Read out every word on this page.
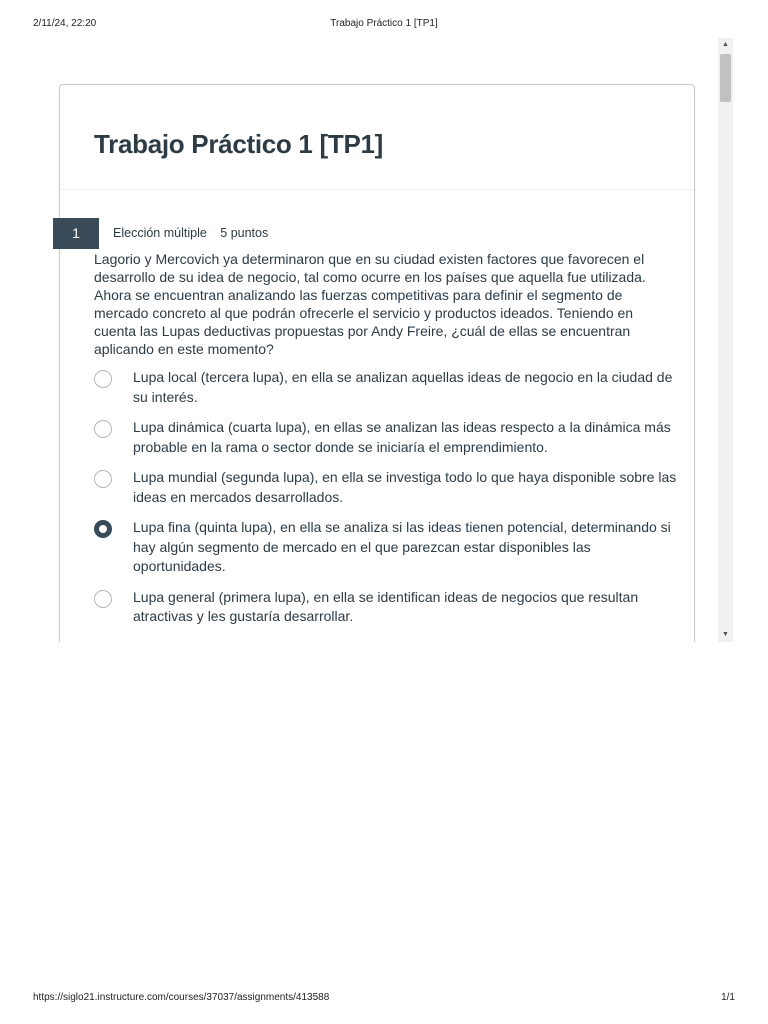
2/11/24, 22:20	Trabajo Práctico 1 [TP1]
Trabajo Práctico 1 [TP1]
1	Elección múltiple 5 puntos
Lagorio y Mercovich ya determinaron que en su ciudad existen factores que favorecen el desarrollo de su idea de negocio, tal como ocurre en los países que aquella fue utilizada. Ahora se encuentran analizando las fuerzas competitivas para definir el segmento de mercado concreto al que podrán ofrecerle el servicio y productos ideados. Teniendo en cuenta las Lupas deductivas propuestas por Andy Freire, ¿cuál de ellas se encuentran aplicando en este momento?
Lupa local (tercera lupa), en ella se analizan aquellas ideas de negocio en la ciudad de su interés.
Lupa dinámica (cuarta lupa), en ellas se analizan las ideas respecto a la dinámica más probable en la rama o sector donde se iniciaría el emprendimiento.
Lupa mundial (segunda lupa), en ella se investiga todo lo que haya disponible sobre las ideas en mercados desarrollados.
Lupa fina (quinta lupa), en ella se analiza si las ideas tienen potencial, determinando si hay algún segmento de mercado en el que parezcan estar disponibles las oportunidades.
Lupa general (primera lupa), en ella se identifican ideas de negocios que resultan atractivas y les gustaría desarrollar.
▲
▼
https://siglo21.instructure.com/courses/37037/assignments/413588	1/1
